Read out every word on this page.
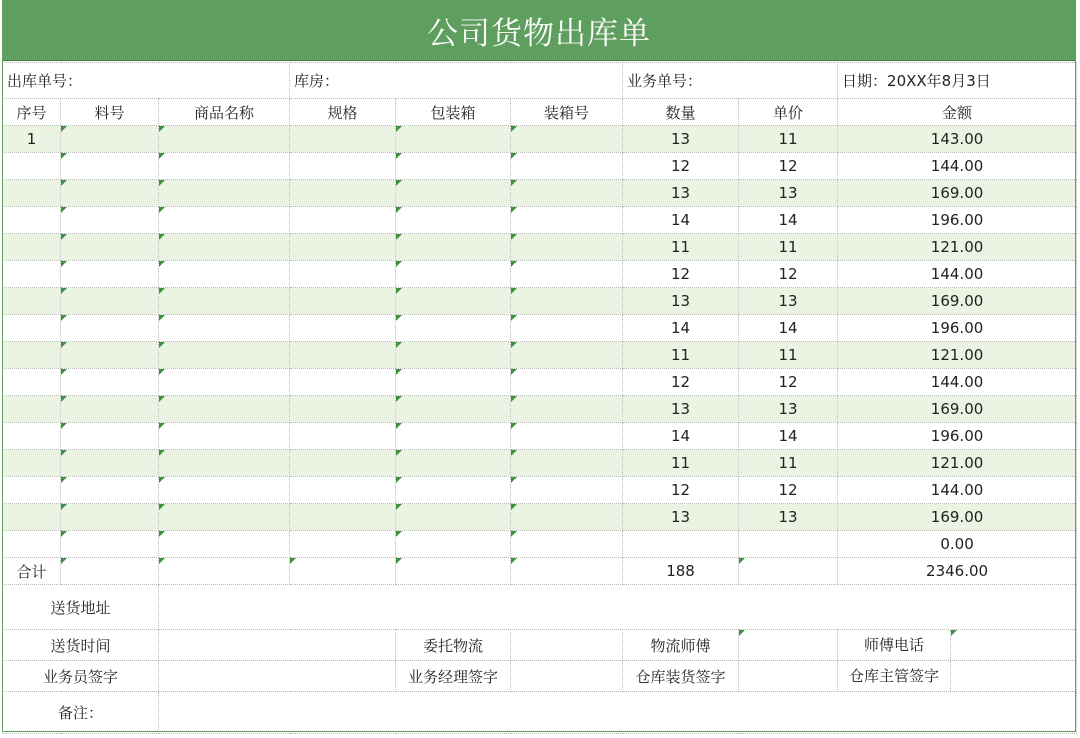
公司货物出库单
出库单号：			库房：			业务单号：		日期：20XX年8月3日
序号	料号	商品名称	规格	包装箱	装箱号	数量	单价	金额
1						13	11	143.00
						12	12	144.00
						13	13	169.00
						14	14	196.00
						11	11	121.00
						12	12	144.00
						13	13	169.00
						14	14	196.00
						11	11	121.00
						12	12	144.00
						13	13	169.00
						14	14	196.00
						11	11	121.00
						12	12	144.00
						13	13	169.00
								0.00
合计						188		2346.00
送货地址								
送货时间				委托物流		物流师傅		师傅电话

业务员签字				业务经理签字		仓库装货签字		仓库主管签字

备注：								
